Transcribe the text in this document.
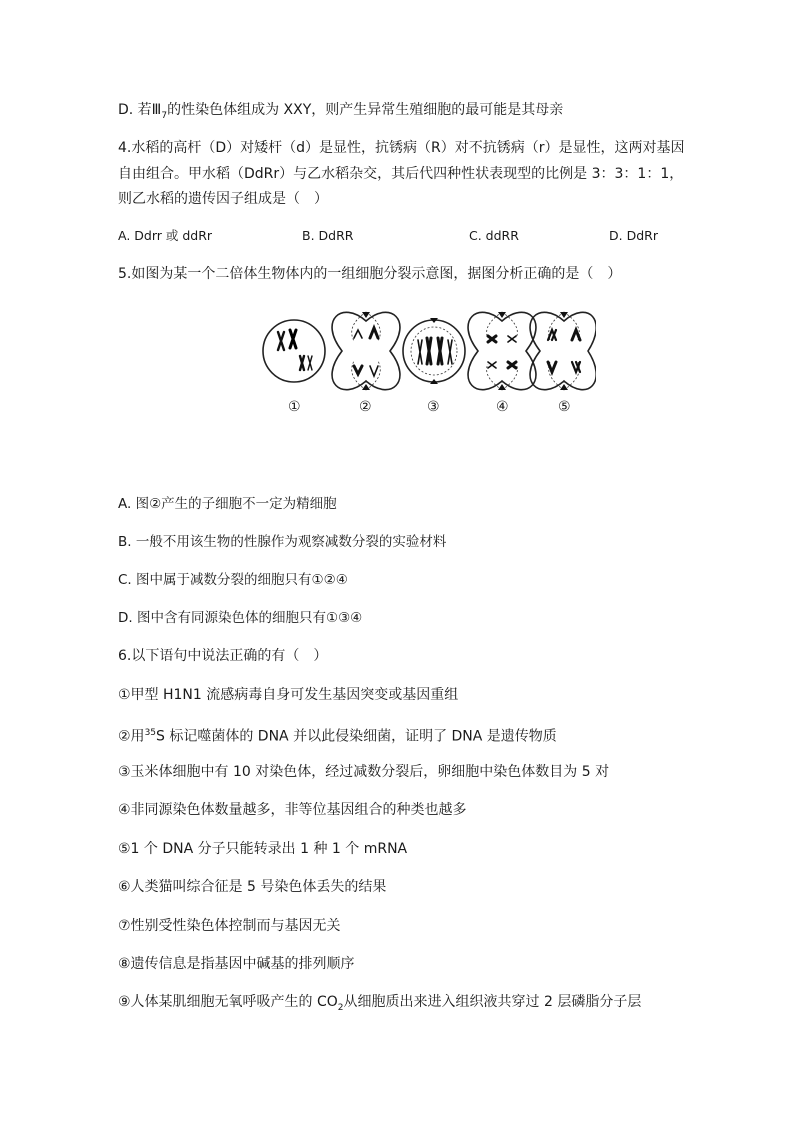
D. 若$Ⅲ_7$的性染色体组成为 XXY，则产生异常生殖细胞的最可能是其母亲
4.水稻的高杆（D）对矮杆（d）是显性，抗锈病（R）对不抗锈病（r）是显性，这两对基因
自由组合。甲水稻（DdRr）与乙水稻杂交，其后代四种性状表现型的比例是 3：3：1：1，
则乙水稻的遗传因子组成是（　）
A. Ddrr 或 ddRr	B. DdRR	C. ddRR	D. DdRr
5.如图为某一个二倍体生物体内的一组细胞分裂示意图，据图分析正确的是（　）
①	②	③	④	⑤
A. 图②产生的子细胞不一定为精细胞
B. 一般不用该生物的性腺作为观察减数分裂的实验材料
C. 图中属于减数分裂的细胞只有①②④
D. 图中含有同源染色体的细胞只有①③④
6.以下语句中说法正确的有（　）
①甲型 H1N1 流感病毒自身可发生基因突变或基因重组
②用$^{35}$S 标记噬菌体的 DNA 并以此侵染细菌，证明了 DNA 是遗传物质
③玉米体细胞中有 10 对染色体，经过减数分裂后，卵细胞中染色体数目为 5 对
④非同源染色体数量越多，非等位基因组合的种类也越多
⑤1 个 DNA 分子只能转录出 1 种 1 个 mRNA
⑥人类猫叫综合征是 5 号染色体丢失的结果
⑦性别受性染色体控制而与基因无关
⑧遗传信息是指基因中碱基的排列顺序
⑨人体某肌细胞无氧呼吸产生的 $CO_2$从细胞质出来进入组织液共穿过 2 层磷脂分子层
